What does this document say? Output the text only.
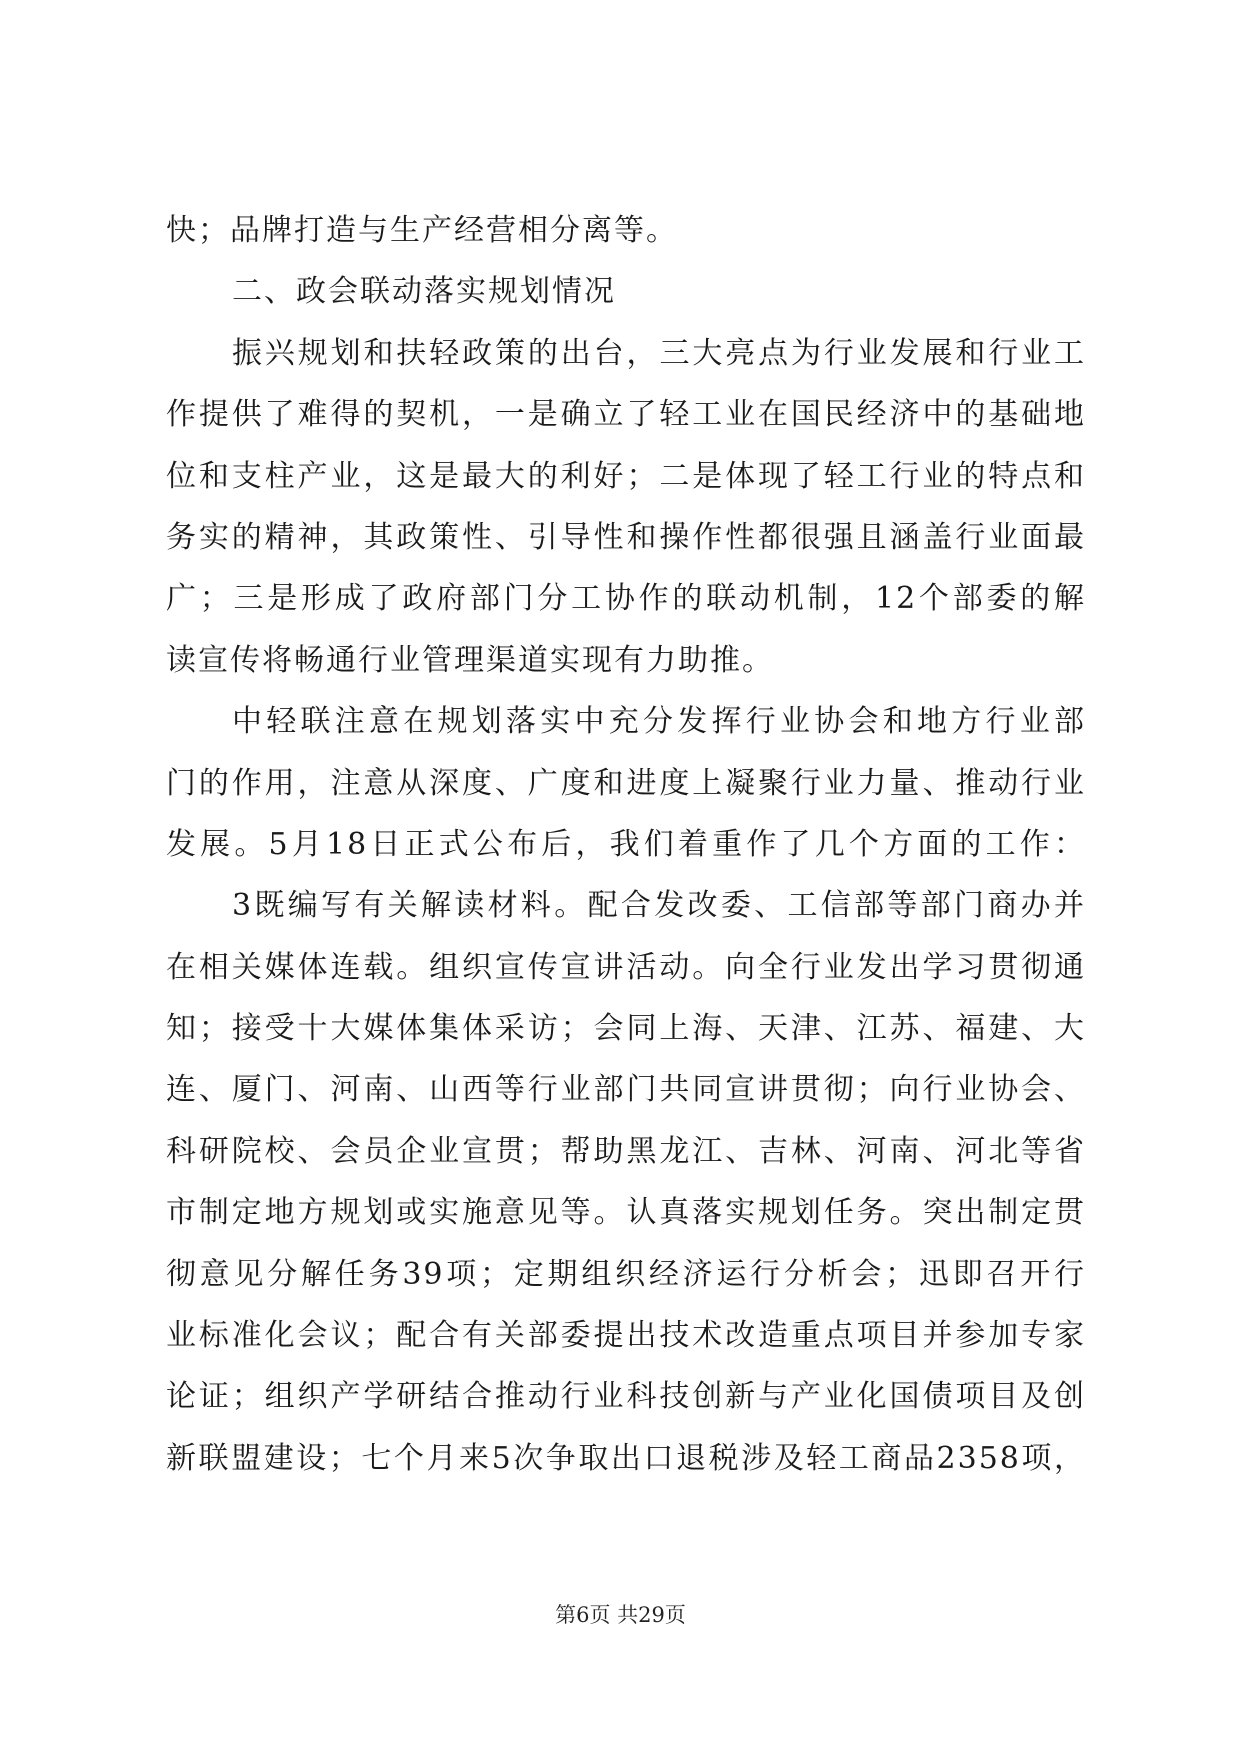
快；品牌打造与生产经营相分离等。
二、政会联动落实规划情况
振兴规划和扶轻政策的出台，三大亮点为行业发展和行业工
作提供了难得的契机，一是确立了轻工业在国民经济中的基础地
位和支柱产业，这是最大的利好；二是体现了轻工行业的特点和
务实的精神，其政策性、引导性和操作性都很强且涵盖行业面最
广；三是形成了政府部门分工协作的联动机制，12个部委的解
读宣传将畅通行业管理渠道实现有力助推。
中轻联注意在规划落实中充分发挥行业协会和地方行业部
门的作用，注意从深度、广度和进度上凝聚行业力量、推动行业
发展。5月18日正式公布后，我们着重作了几个方面的工作：
3既编写有关解读材料。配合发改委、工信部等部门商办并
在相关媒体连载。组织宣传宣讲活动。向全行业发出学习贯彻通
知；接受十大媒体集体采访；会同上海、天津、江苏、福建、大
连、厦门、河南、山西等行业部门共同宣讲贯彻；向行业协会、
科研院校、会员企业宣贯；帮助黑龙江、吉林、河南、河北等省
市制定地方规划或实施意见等。认真落实规划任务。突出制定贯
彻意见分解任务39项；定期组织经济运行分析会；迅即召开行
业标准化会议；配合有关部委提出技术改造重点项目并参加专家
论证；组织产学研结合推动行业科技创新与产业化国债项目及创
新联盟建设；七个月来5次争取出口退税涉及轻工商品2358项，
第6页 共29页
